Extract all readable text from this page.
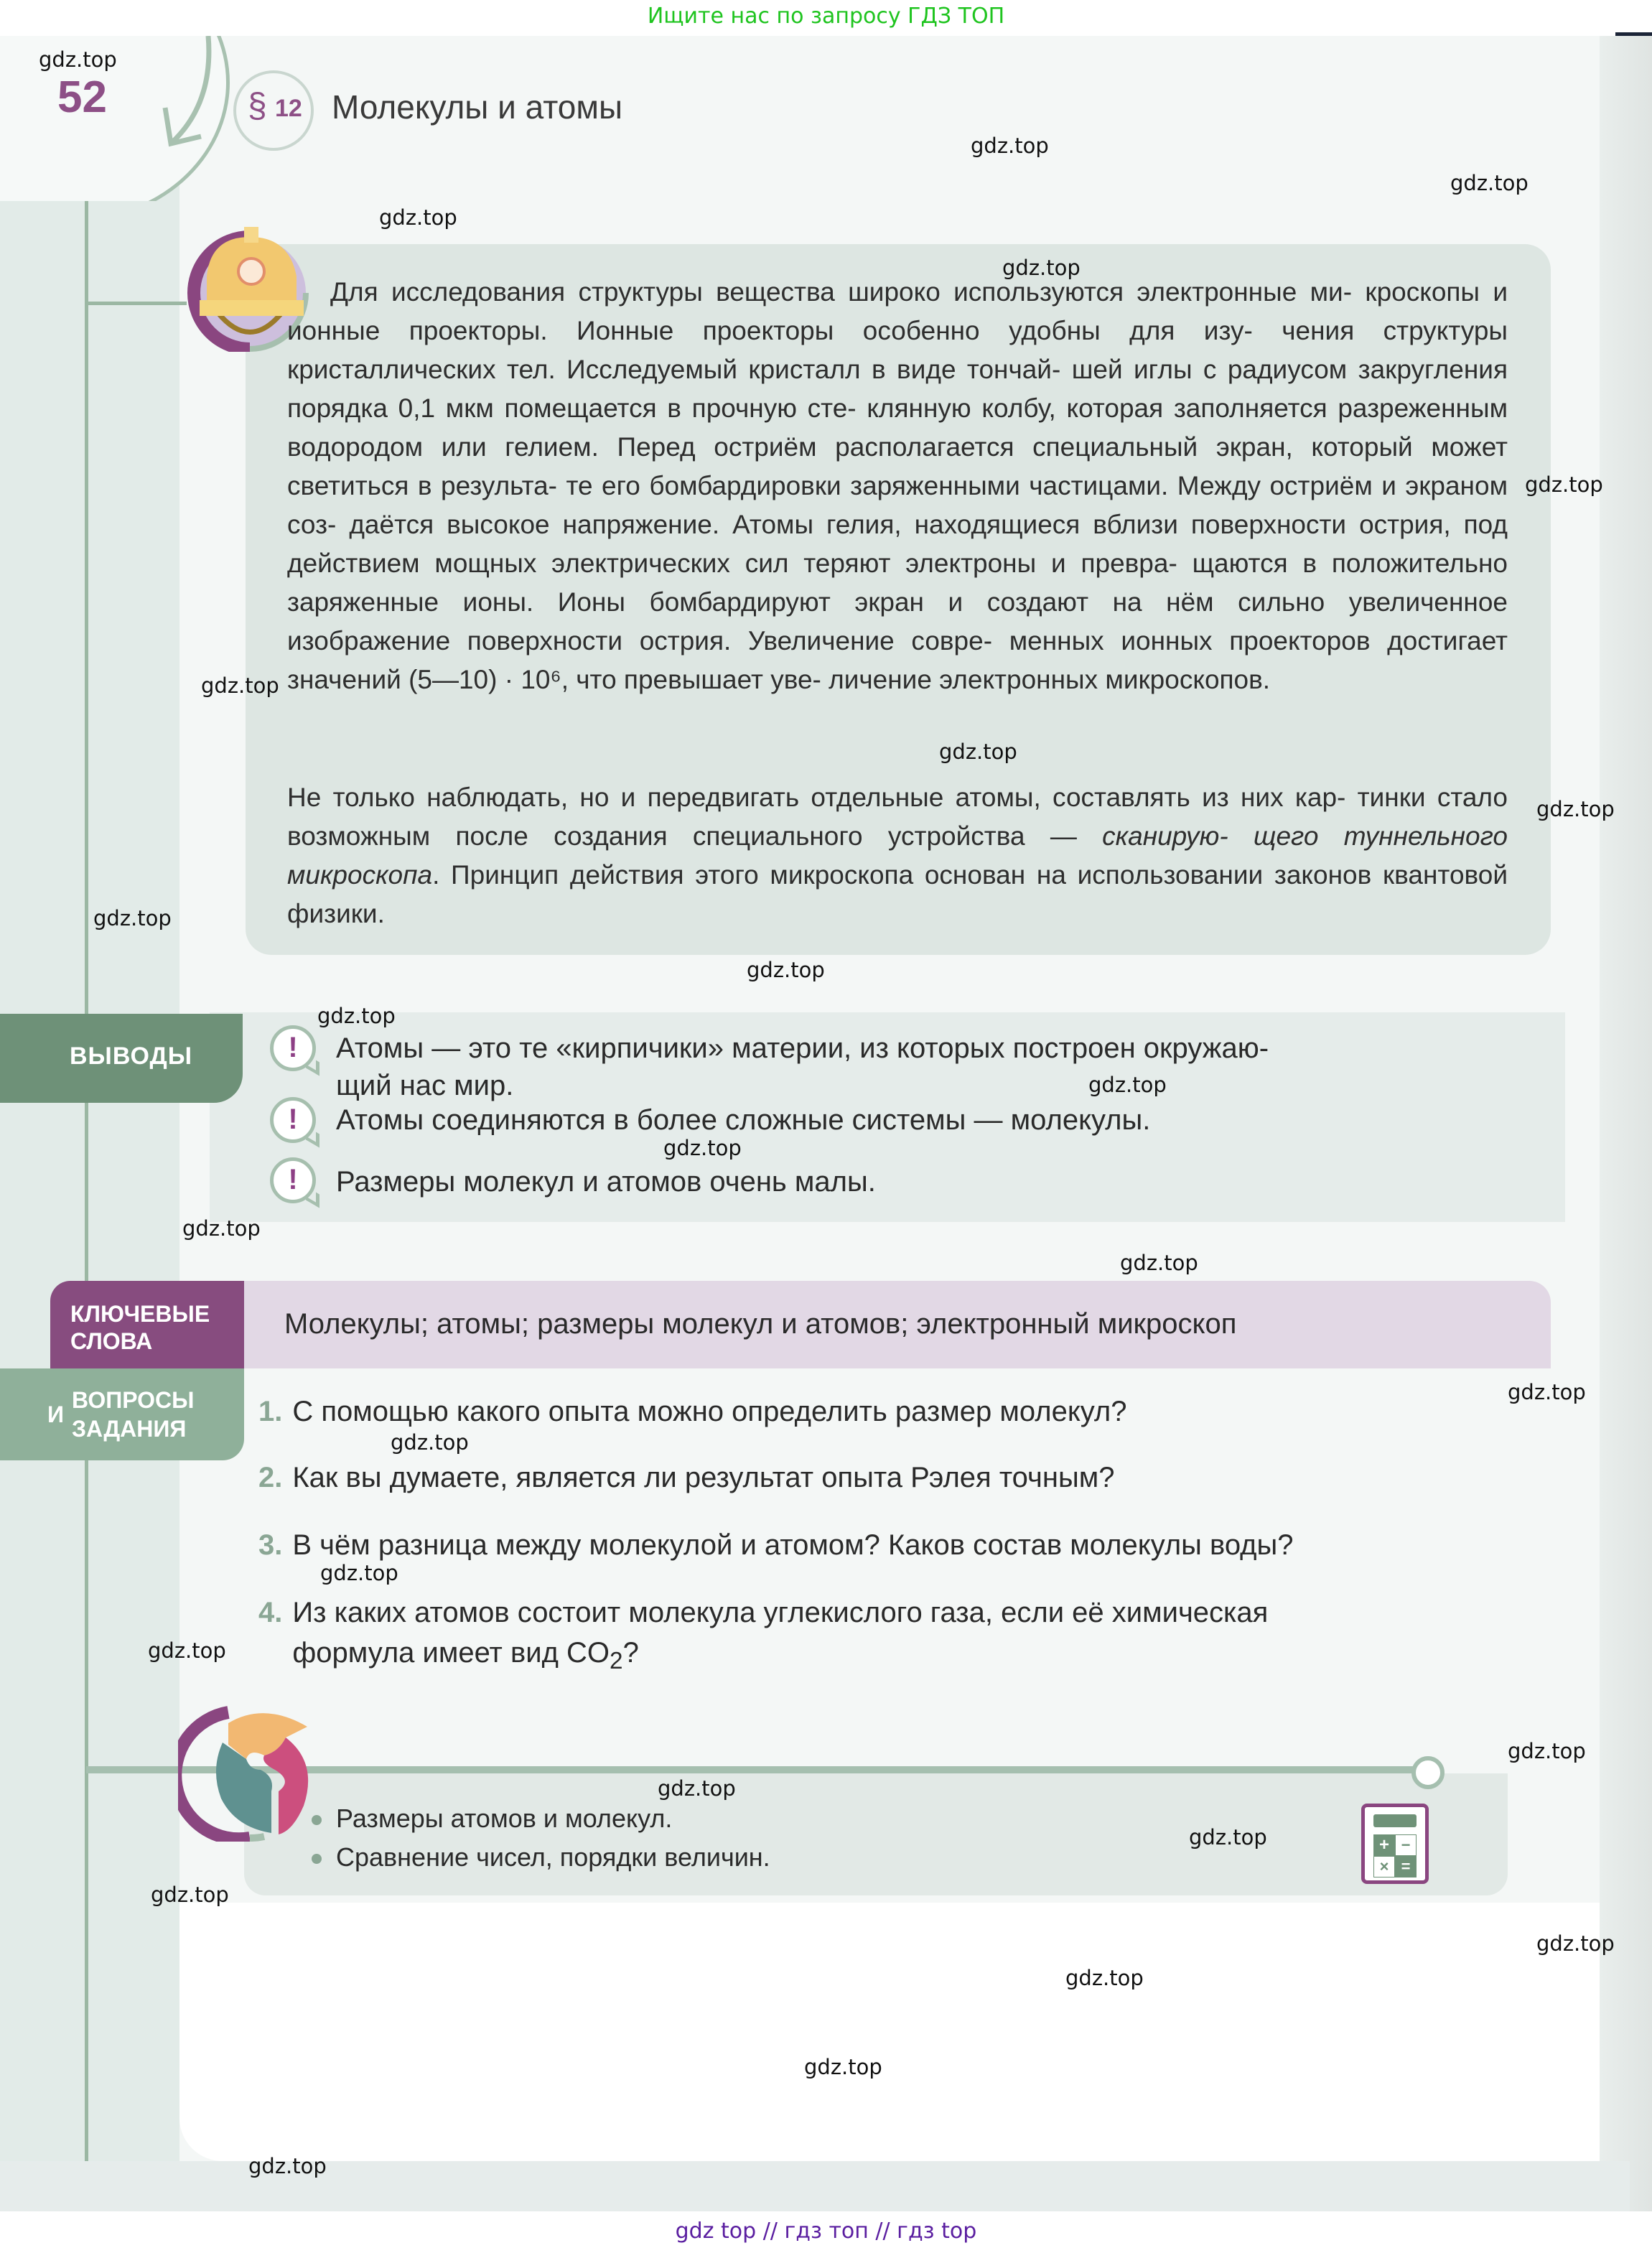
Ищите нас по запросу ГДЗ ТОП
52	§ 12 Молекулы и атомы
Для исследования структуры вещества широко используются электронные ми- кроскопы и ионные проекторы. Ионные проекторы особенно удобны для изу- чения структуры кристаллических тел. Исследуемый кристалл в виде тончай- шей иглы с радиусом закругления порядка 0,1 мкм помещается в прочную сте- клянную колбу, которая заполняется разреженным водородом или гелием. Перед остриём располагается специальный экран, который может светиться в результа- те его бомбардировки заряженными частицами. Между остриём и экраном соз- даётся высокое напряжение. Атомы гелия, находящиеся вблизи поверхности острия, под действием мощных электрических сил теряют электроны и превра- щаются в положительно заряженные ионы. Ионы бомбардируют экран и создают на нём сильно увеличенное изображение поверхности острия. Увеличение совре- менных ионных проекторов достигает значений (5—10) · 10⁶, что превышает уве- личение электронных микроскопов.
Не только наблюдать, но и передвигать отдельные атомы, составлять из них кар- тинки стало возможным после создания специального устройства — сканирую- щего туннельного микроскопа. Принцип действия этого микроскопа основан на использовании законов квантовой физики.
ВЫВОДЫ	!	Атомы — это те «кирпичики» материи, из которых построен окружаю-
щий нас мир.
!	Атомы соединяются в более сложные системы — молекулы.
!	Размеры молекул и атомов очень малы.
КЛЮЧЕВЫЕ
СЛОВА
Молекулы; атомы; размеры молекул и атомов; электронный микроскоп
ВОПРОСЫ
И
ЗАДАНИЯ
1. С помощью какого опыта можно определить размер молекул?
2. Как вы думаете, является ли результат опыта Рэлея точным?
3. В чём разница между молекулой и атомом? Каков состав молекулы воды?
4. Из каких атомов состоит молекула углекислого газа, если её химическая
формула имеет вид $CO_2$?
Размеры атомов и молекул.
Сравнение чисел, порядки величин.	+ −
× =
gdz.top
gdz.top
gdz.top
gdz.top
gdz.top
gdz.top
gdz.top
gdz.top
gdz.top
gdz.top
gdz.top
gdz.top
gdz.top
gdz.top
gdz.top
gdz.top
gdz.top
gdz.top
gdz.top
gdz.top
gdz.top
gdz.top
gdz.top
gdz.top
gdz.top
gdz.top
gdz.top
gdz.top
gdz top // гдз топ // гдз top
